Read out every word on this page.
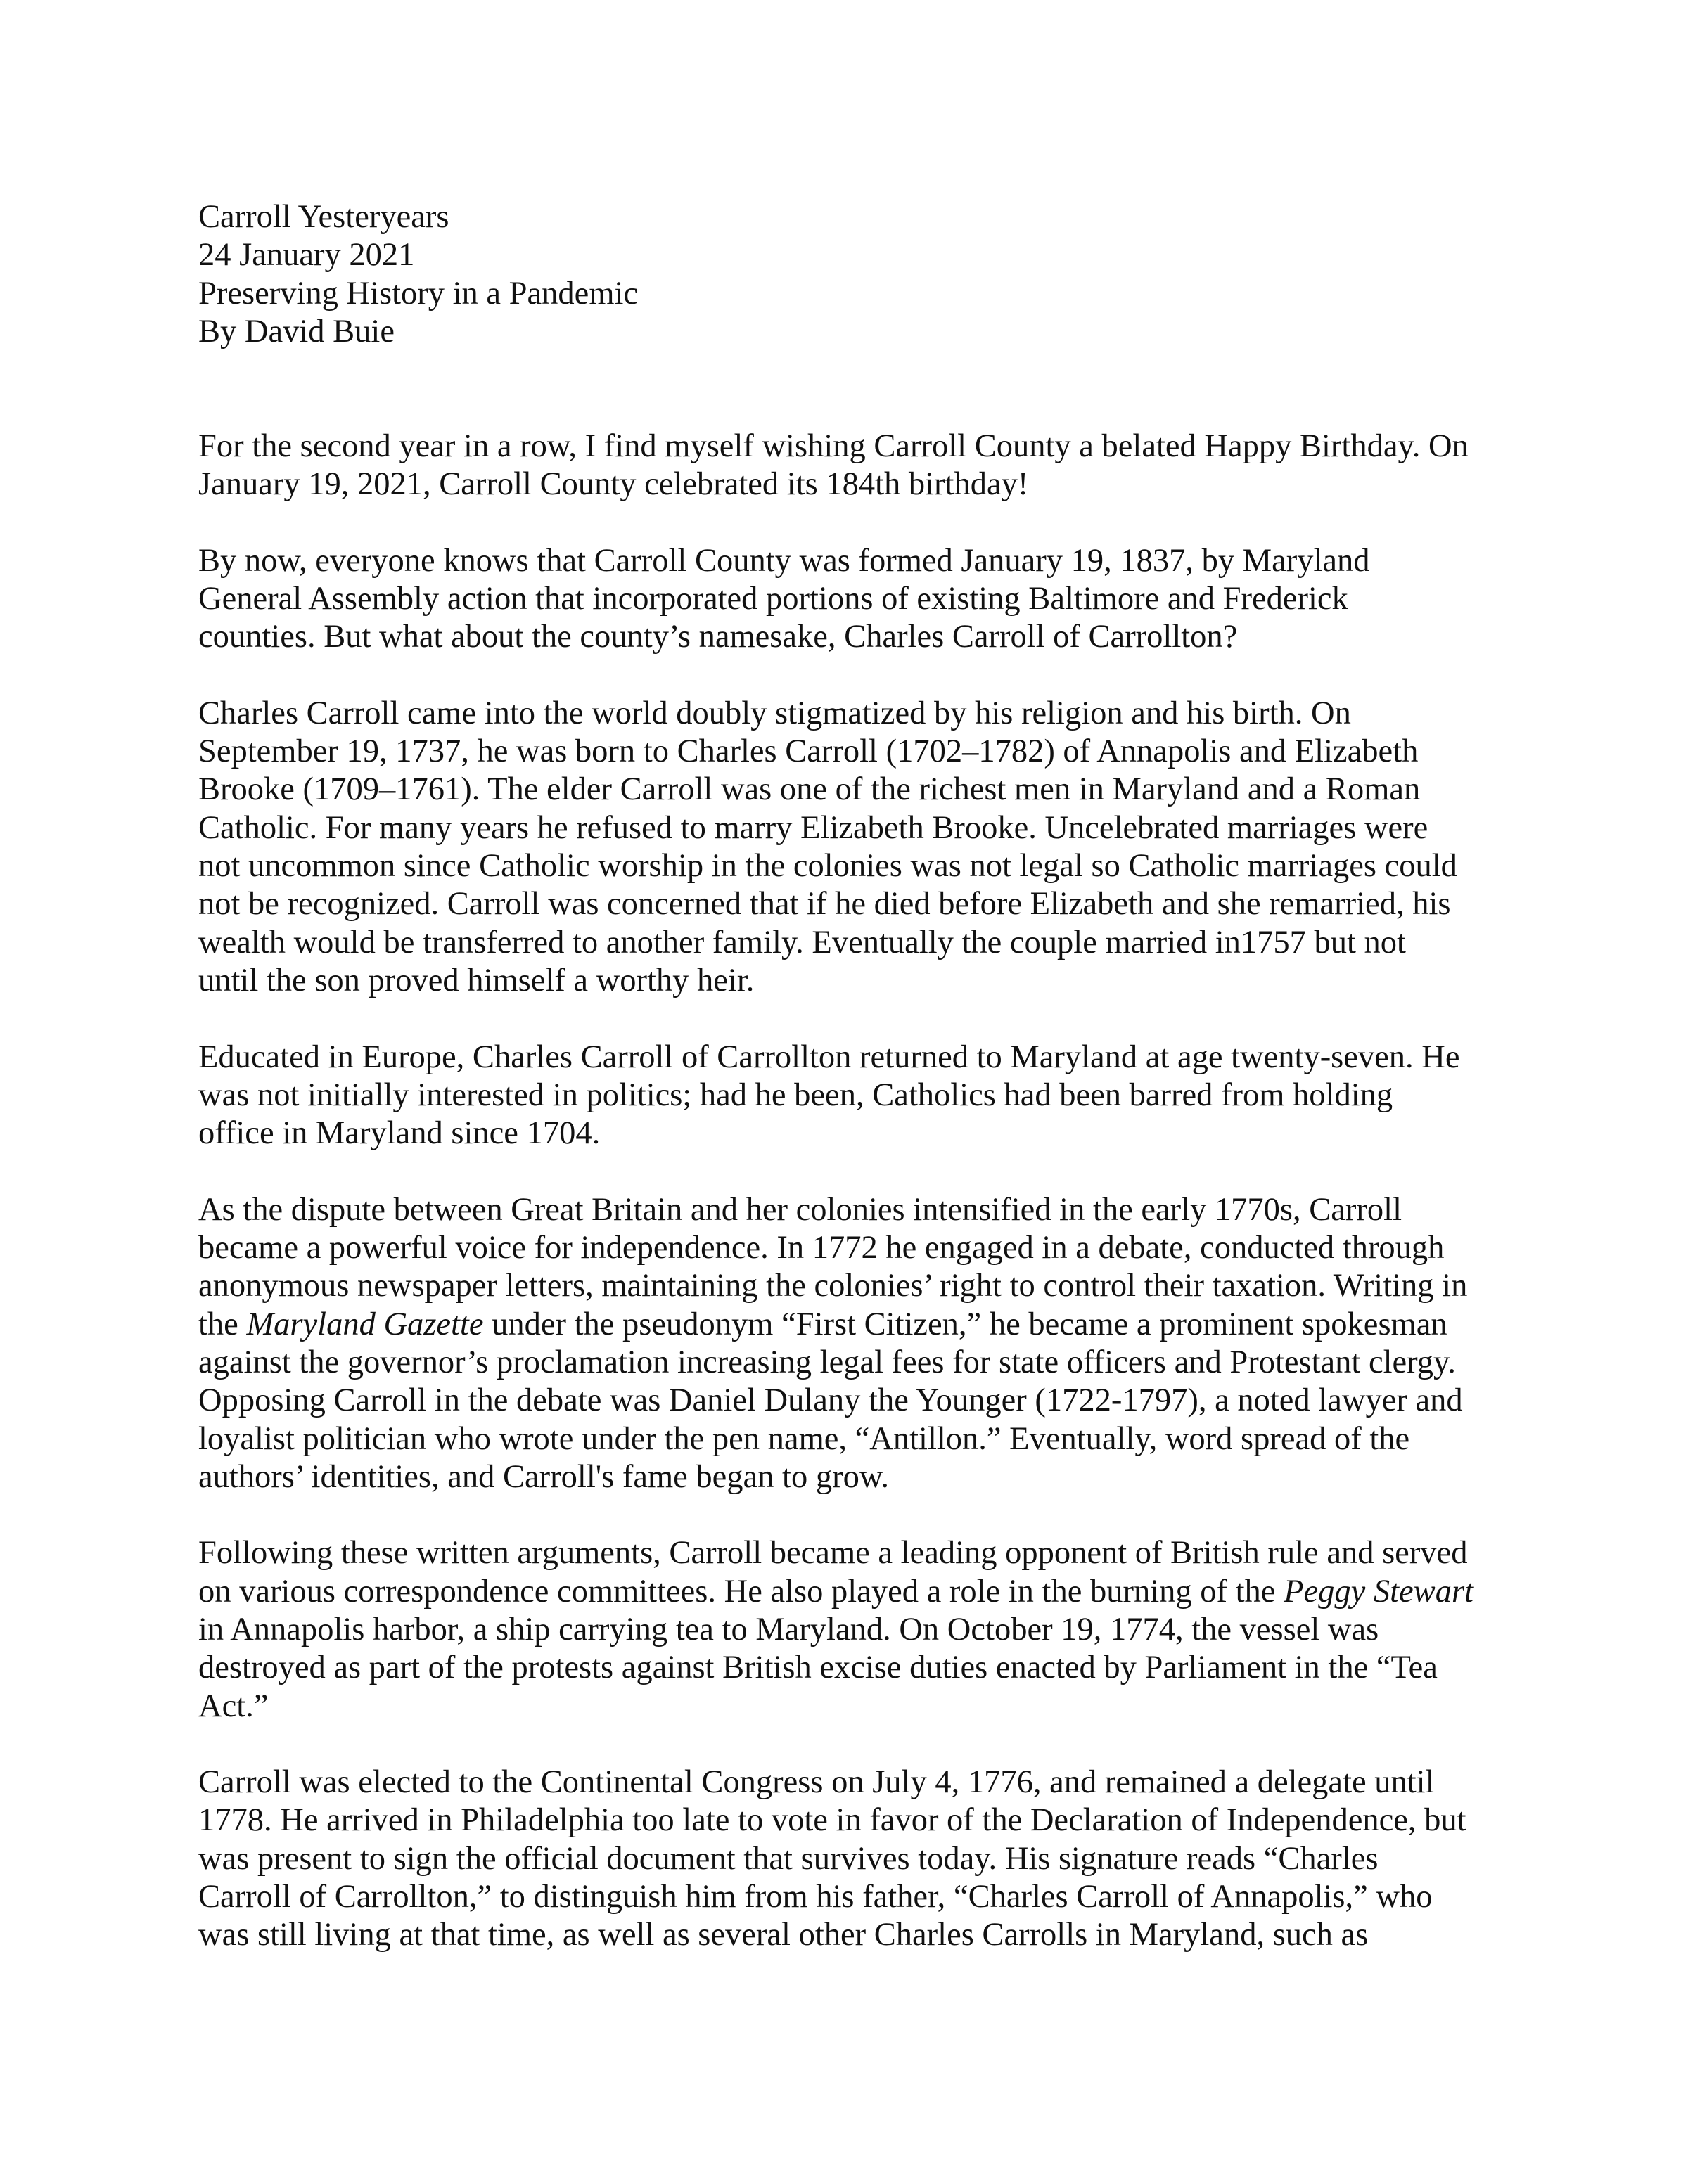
Carroll Yesteryears
24 January 2021
Preserving History in a Pandemic
By David Buie
For the second year in a row, I find myself wishing Carroll County a belated Happy Birthday. On
January 19, 2021, Carroll County celebrated its 184th birthday!
By now, everyone knows that Carroll County was formed January 19, 1837, by Maryland
General Assembly action that incorporated portions of existing Baltimore and Frederick
counties. But what about the county’s namesake, Charles Carroll of Carrollton?
Charles Carroll came into the world doubly stigmatized by his religion and his birth. On
September 19, 1737, he was born to Charles Carroll (1702–1782) of Annapolis and Elizabeth
Brooke (1709–1761). The elder Carroll was one of the richest men in Maryland and a Roman
Catholic. For many years he refused to marry Elizabeth Brooke. Uncelebrated marriages were
not uncommon since Catholic worship in the colonies was not legal so Catholic marriages could
not be recognized. Carroll was concerned that if he died before Elizabeth and she remarried, his
wealth would be transferred to another family. Eventually the couple married in1757 but not
until the son proved himself a worthy heir.
Educated in Europe, Charles Carroll of Carrollton returned to Maryland at age twenty-seven. He
was not initially interested in politics; had he been, Catholics had been barred from holding
office in Maryland since 1704.
As the dispute between Great Britain and her colonies intensified in the early 1770s, Carroll
became a powerful voice for independence. In 1772 he engaged in a debate, conducted through
anonymous newspaper letters, maintaining the colonies’ right to control their taxation. Writing in
the Maryland Gazette under the pseudonym “First Citizen,” he became a prominent spokesman
against the governor’s proclamation increasing legal fees for state officers and Protestant clergy.
Opposing Carroll in the debate was Daniel Dulany the Younger (1722-1797), a noted lawyer and
loyalist politician who wrote under the pen name, “Antillon.” Eventually, word spread of the
authors’ identities, and Carroll's fame began to grow.
Following these written arguments, Carroll became a leading opponent of British rule and served
on various correspondence committees. He also played a role in the burning of the Peggy Stewart
in Annapolis harbor, a ship carrying tea to Maryland. On October 19, 1774, the vessel was
destroyed as part of the protests against British excise duties enacted by Parliament in the “Tea
Act.”
Carroll was elected to the Continental Congress on July 4, 1776, and remained a delegate until
1778. He arrived in Philadelphia too late to vote in favor of the Declaration of Independence, but
was present to sign the official document that survives today. His signature reads “Charles
Carroll of Carrollton,” to distinguish him from his father, “Charles Carroll of Annapolis,” who
was still living at that time, as well as several other Charles Carrolls in Maryland, such as
